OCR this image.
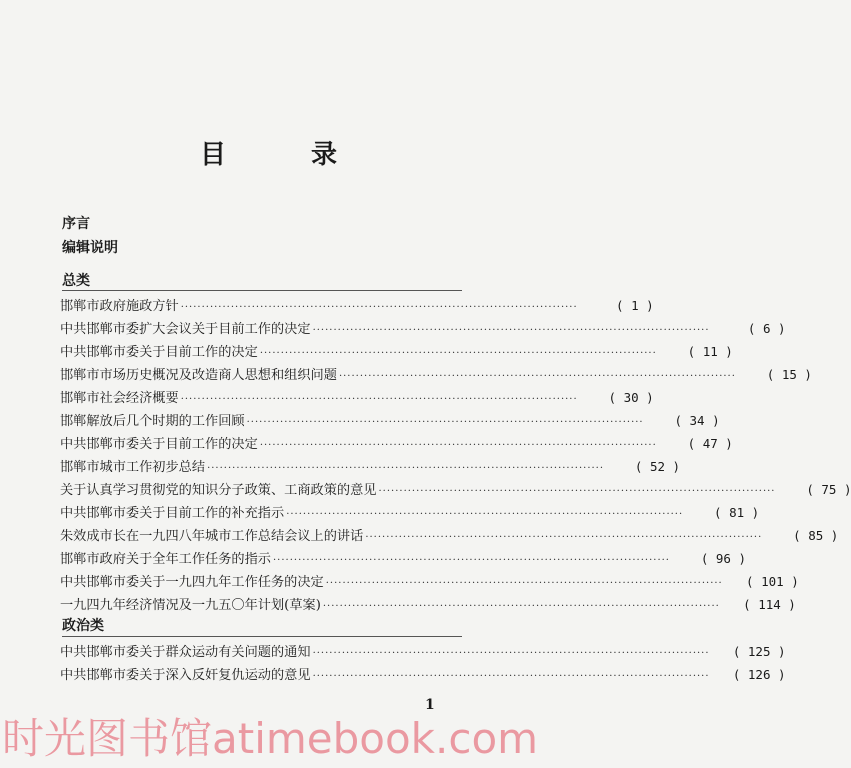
目 录
序言
编辑说明
总类
邯郸市政府施政方针 ·······························································································	( 1 )
中共邯郸市委扩大会议关于目前工作的决定 ·······························································································	( 6 )
中共邯郸市委关于目前工作的决定 ·······························································································	( 11 )
邯郸市市场历史概况及改造商人思想和组织问题 ·······························································································	( 15 )
邯郸市社会经济概要 ·······························································································	( 30 )
邯郸解放后几个时期的工作回顾 ·······························································································	( 34 )
中共邯郸市委关于目前工作的决定 ·······························································································	( 47 )
邯郸市城市工作初步总结 ·······························································································	( 52 )
关于认真学习贯彻党的知识分子政策、工商政策的意见 ·······························································································	( 75 )
中共邯郸市委关于目前工作的补充指示 ·······························································································	( 81 )
朱效成市长在一九四八年城市工作总结会议上的讲话 ·······························································································	( 85 )
邯郸市政府关于全年工作任务的指示 ·······························································································	( 96 )
中共邯郸市委关于一九四九年工作任务的决定 ·······························································································	( 101 )
一九四九年经济情况及一九五〇年计划(草案) ·······························································································	( 114 )
政治类
中共邯郸市委关于群众运动有关问题的通知 ·······························································································	( 125 )
中共邯郸市委关于深入反奸复仇运动的意见 ·······························································································	( 126 )
1
时光图书馆atimebook.com
